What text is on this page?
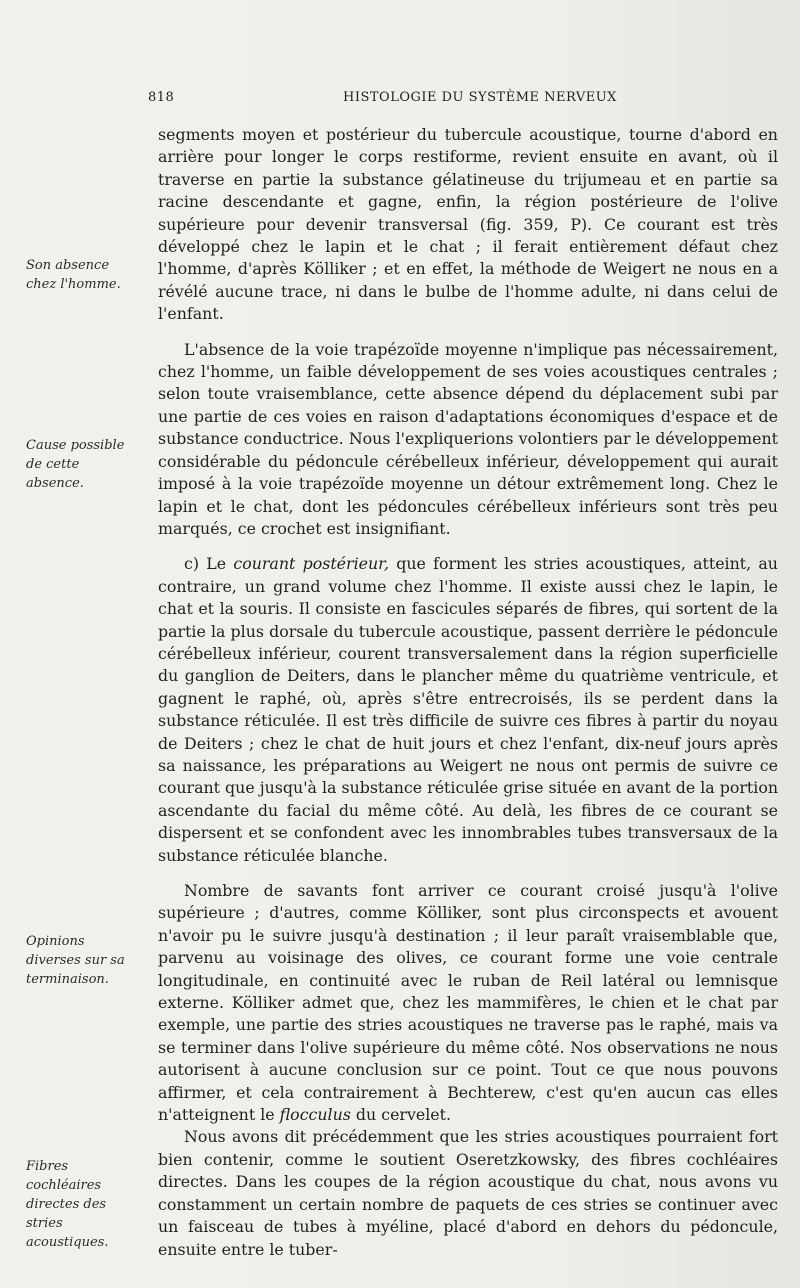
818	HISTOLOGIE DU SYSTÈME NERVEUX
Son absence chez l'homme.
Cause possible de cette absence.
Opinions diverses sur sa terminaison.
Fibres cochléaires directes des stries acoustiques.

segments moyen et postérieur du tubercule acoustique, tourne d'abord en arrière pour longer le corps restiforme, revient ensuite en avant, où il traverse en partie la substance gélatineuse du trijumeau et en partie sa racine descendante et gagne, enfin, la région postérieure de l'olive supérieure pour devenir transversal (fig. 359, P). Ce courant est très développé chez le lapin et le chat ; il ferait entièrement défaut chez l'homme, d'après Kölliker ; et en effet, la méthode de Weigert ne nous en a révélé aucune trace, ni dans le bulbe de l'homme adulte, ni dans celui de l'enfant.

L'absence de la voie trapézoïde moyenne n'implique pas nécessairement, chez l'homme, un faible développement de ses voies acoustiques centrales ; selon toute vraisemblance, cette absence dépend du déplacement subi par une partie de ces voies en raison d'adaptations économiques d'espace et de substance conductrice. Nous l'expliquerions volontiers par le développement considérable du pédoncule cérébelleux inférieur, développement qui aurait imposé à la voie trapézoïde moyenne un détour extrêmement long. Chez le lapin et le chat, dont les pédoncules cérébelleux inférieurs sont très peu marqués, ce crochet est insignifiant.

c) Le courant postérieur, que forment les stries acoustiques, atteint, au contraire, un grand volume chez l'homme. Il existe aussi chez le lapin, le chat et la souris. Il consiste en fascicules séparés de fibres, qui sortent de la partie la plus dorsale du tubercule acoustique, passent derrière le pédoncule cérébelleux inférieur, courent transversalement dans la région superficielle du ganglion de Deiters, dans le plancher même du quatrième ventricule, et gagnent le raphé, où, après s'être entrecroisés, ils se perdent dans la substance réticulée. Il est très difficile de suivre ces fibres à partir du noyau de Deiters ; chez le chat de huit jours et chez l'enfant, dix-neuf jours après sa naissance, les préparations au Weigert ne nous ont permis de suivre ce courant que jusqu'à la substance réticulée grise située en avant de la portion ascendante du facial du même côté. Au delà, les fibres de ce courant se dispersent et se confondent avec les innombrables tubes transversaux de la substance réticulée blanche.

Nombre de savants font arriver ce courant croisé jusqu'à l'olive supérieure ; d'autres, comme Kölliker, sont plus circonspects et avouent n'avoir pu le suivre jusqu'à destination ; il leur paraît vraisemblable que, parvenu au voisinage des olives, ce courant forme une voie centrale longitudinale, en continuité avec le ruban de Reil latéral ou lemnisque externe. Kölliker admet que, chez les mammifères, le chien et le chat par exemple, une partie des stries acoustiques ne traverse pas le raphé, mais va se terminer dans l'olive supérieure du même côté. Nos observations ne nous autorisent à aucune conclusion sur ce point. Tout ce que nous pouvons affirmer, et cela contrairement à Bechterew, c'est qu'en aucun cas elles n'atteignent le flocculus du cervelet.

Nous avons dit précédemment que les stries acoustiques pourraient fort bien contenir, comme le soutient Oseretzkowsky, des fibres cochléaires directes. Dans les coupes de la région acoustique du chat, nous avons vu constamment un certain nombre de paquets de ces stries se continuer avec un faisceau de tubes à myéline, placé d'abord en dehors du pédoncule, ensuite entre le tuber-
